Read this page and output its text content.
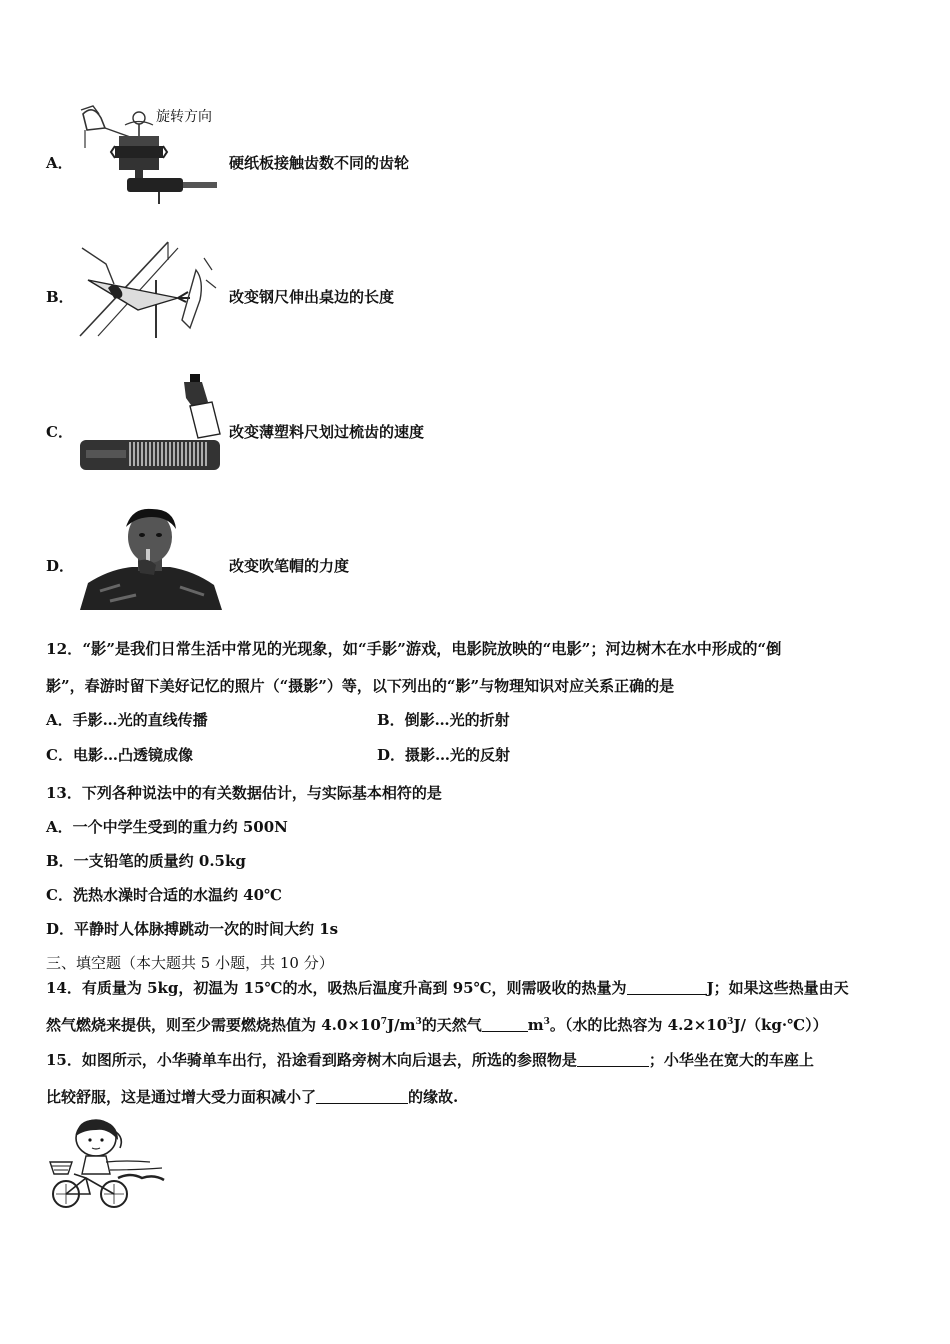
A．
旋转方向
硬纸板接触齿数不同的齿轮
B．	改变钢尺伸出桌边的长度
C．	改变薄塑料尺划过梳齿的速度
D．	改变吹笔帽的力度
12．“影”是我们日常生活中常见的光现象，如“手影”游戏，电影院放映的“电影”；河边树木在水中形成的“倒
影”，春游时留下美好记忆的照片（“摄影”）等，以下列出的“影”与物理知识对应关系正确的是
A．手影…光的直线传播	B．倒影…光的折射
C．电影…凸透镜成像	D．摄影…光的反射
13．下列各种说法中的有关数据估计，与实际基本相符的是
A．一个中学生受到的重力约 500N
B．一支铅笔的质量约 0.5kg
C．洗热水澡时合适的水温约 40℃
D．平静时人体脉搏跳动一次的时间大约 1s
三、填空题（本大题共 5 小题，共 10 分）
14．有质量为 5kg，初温为 15℃的水，吸热后温度升高到 95℃，则需吸收的热量为	J；如果这些热量由天
然气燃烧来提供，则至少需要燃烧热值为 $4.0\times 10^7J/m^3$的天然气	$m^3$。（水的比热容为 $4.2\times 10^3J/(kg\cdot℃)$）
15．如图所示，小华骑单车出行，沿途看到路旁树木向后退去，所选的参照物是	；小华坐在宽大的车座上
比较舒服，这是通过增大受力面积减小了	的缘故.
